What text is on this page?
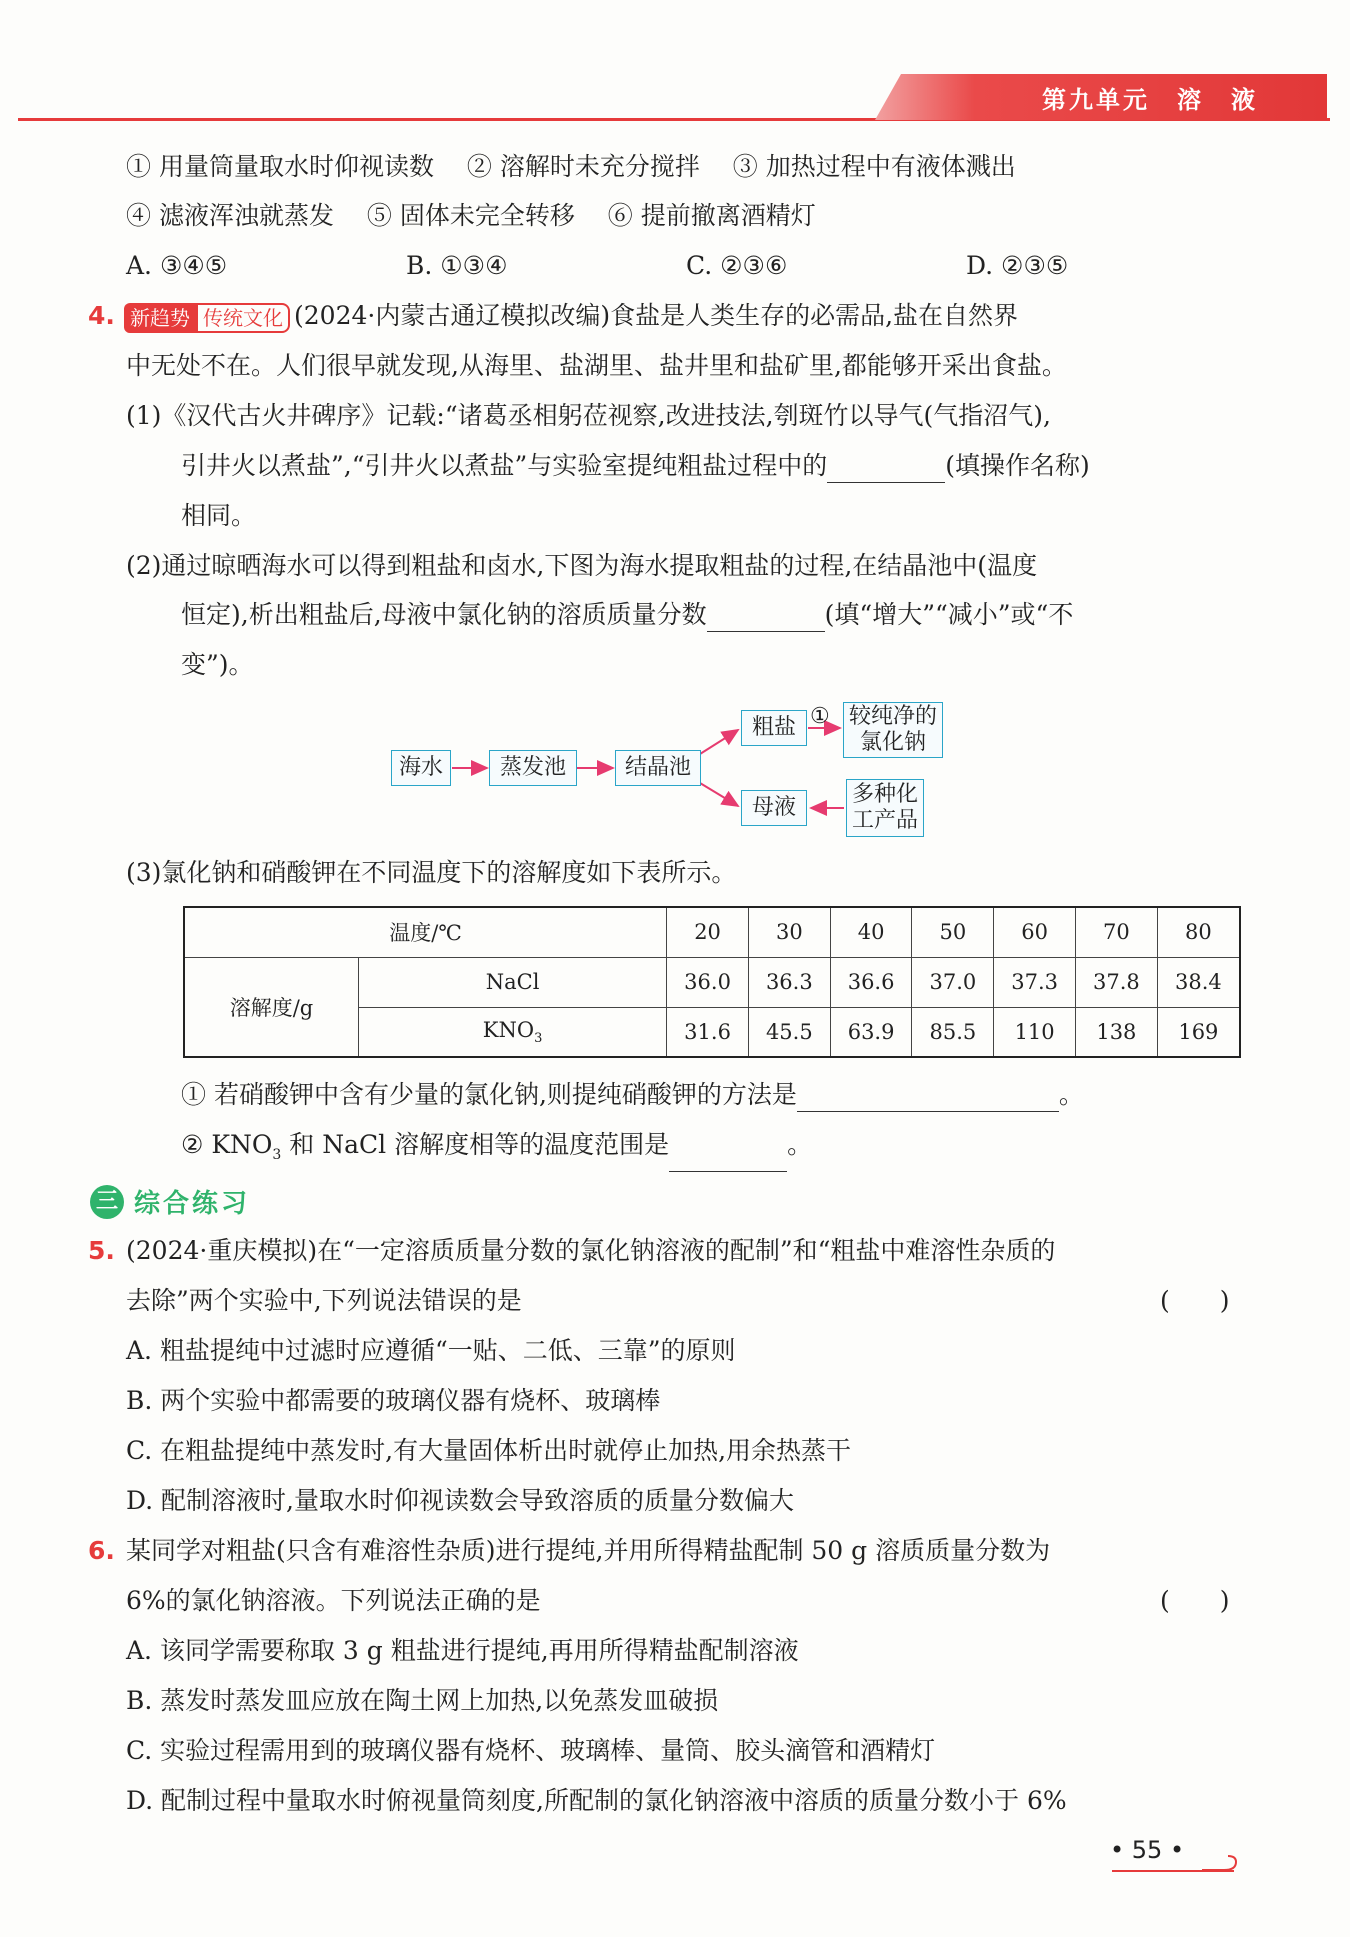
第九单元　溶　液
① 用量筒量取水时仰视读数　 ② 溶解时未充分搅拌　 ③ 加热过程中有液体溅出
④ 滤液浑浊就蒸发　 ⑤ 固体未完全转移　 ⑥ 提前撤离酒精灯
A. ③④⑤	B. ①③④	C. ②③⑥	D. ②③⑤
4. 新趋势 传统文化 (2024·内蒙古通辽模拟改编)食盐是人类生存的必需品,盐在自然界
中无处不在。人们很早就发现,从海里、盐湖里、盐井里和盐矿里,都能够开采出食盐。
(1)《汉代古火井碑序》记载:“诸葛丞相躬莅视察,改进技法,刳斑竹以导气(气指沼气),
引井火以煮盐”,“引井火以煮盐”与实验室提纯粗盐过程中的	(填操作名称)
相同。
(2)通过晾晒海水可以得到粗盐和卤水,下图为海水提取粗盐的过程,在结晶池中(温度
恒定),析出粗盐后,母液中氯化钠的溶质质量分数	(填“增大”“减小”或“不
变”)。
海水	蒸发池	结晶池
粗盐 ① 较纯净的
氯化钠
母液
多种化
工产品
(3)氯化钠和硝酸钾在不同温度下的溶解度如下表所示。
温度/℃		20	30	40	50	60	70	80
溶解度/g	NaCl	36.0	36.3	36.6	37.0	37.3	37.8	38.4
	$KNO_3$	31.6	45.5	63.9	85.5	110	138	169
① 若硝酸钾中含有少量的氯化钠,则提纯硝酸钾的方法是	。
② $KNO_3$ 和 NaCl 溶解度相等的温度范围是	。
三 综合练习
5. (2024·重庆模拟)在“一定溶质质量分数的氯化钠溶液的配制”和“粗盐中难溶性杂质的
去除”两个实验中,下列说法错误的是	(　　)
A. 粗盐提纯中过滤时应遵循“一贴、二低、三靠”的原则
B. 两个实验中都需要的玻璃仪器有烧杯、玻璃棒
C. 在粗盐提纯中蒸发时,有大量固体析出时就停止加热,用余热蒸干
D. 配制溶液时,量取水时仰视读数会导致溶质的质量分数偏大
6. 某同学对粗盐(只含有难溶性杂质)进行提纯,并用所得精盐配制 50 g 溶质质量分数为
6%的氯化钠溶液。下列说法正确的是	(　　)
A. 该同学需要称取 3 g 粗盐进行提纯,再用所得精盐配制溶液
B. 蒸发时蒸发皿应放在陶土网上加热,以免蒸发皿破损
C. 实验过程需用到的玻璃仪器有烧杯、玻璃棒、量筒、胶头滴管和酒精灯
D. 配制过程中量取水时俯视量筒刻度,所配制的氯化钠溶液中溶质的质量分数小于 6%
• 55 •
